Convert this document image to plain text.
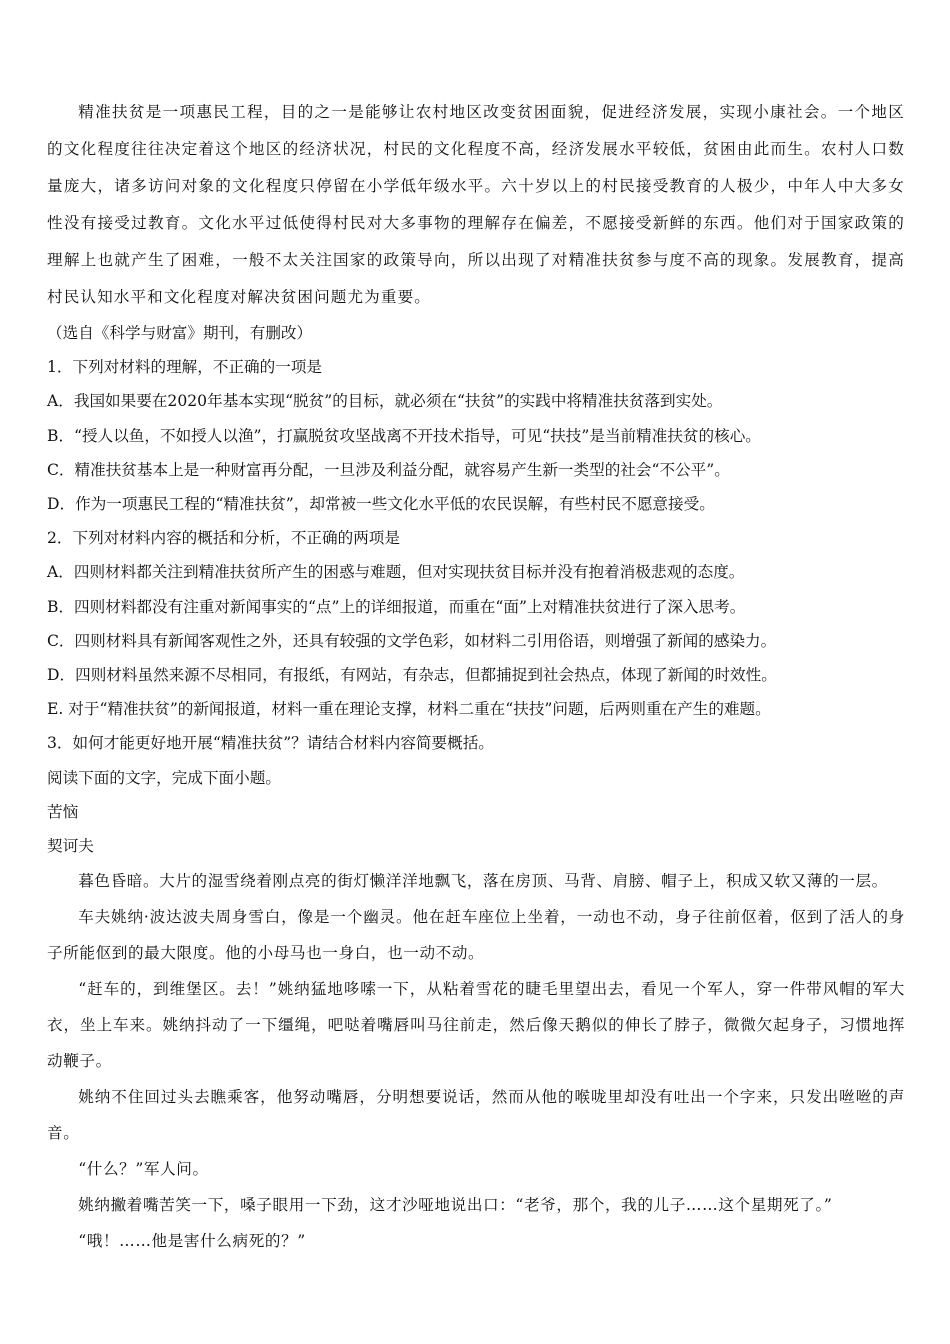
精准扶贫是一项惠民工程，目的之一是能够让农村地区改变贫困面貌，促进经济发展，实现小康社会。一个地区的文化程度往往决定着这个地区的经济状况，村民的文化程度不高，经济发展水平较低，贫困由此而生。农村人口数量庞大，诸多访问对象的文化程度只停留在小学低年级水平。六十岁以上的村民接受教育的人极少，中年人中大多女性没有接受过教育。文化水平过低使得村民对大多事物的理解存在偏差，不愿接受新鲜的东西。他们对于国家政策的理解上也就产生了困难，一般不太关注国家的政策导向，所以出现了对精准扶贫参与度不高的现象。发展教育，提高村民认知水平和文化程度对解决贫困问题尤为重要。

（选自《科学与财富》期刊，有删改）

1．下列对材料的理解，不正确的一项是

A．我国如果要在2020年基本实现“脱贫”的目标，就必须在“扶贫”的实践中将精准扶贫落到实处。

B．“授人以鱼，不如授人以渔”，打赢脱贫攻坚战离不开技术指导，可见“扶技”是当前精准扶贫的核心。

C．精准扶贫基本上是一种财富再分配，一旦涉及利益分配，就容易产生新一类型的社会“不公平”。

D．作为一项惠民工程的“精准扶贫”，却常被一些文化水平低的农民误解，有些村民不愿意接受。

2．下列对材料内容的概括和分析，不正确的两项是

A．四则材料都关注到精准扶贫所产生的困惑与难题，但对实现扶贫目标并没有抱着消极悲观的态度。

B．四则材料都没有注重对新闻事实的“点”上的详细报道，而重在“面”上对精准扶贫进行了深入思考。

C．四则材料具有新闻客观性之外，还具有较强的文学色彩，如材料二引用俗语，则增强了新闻的感染力。

D．四则材料虽然来源不尽相同，有报纸，有网站，有杂志，但都捕捉到社会热点，体现了新闻的时效性。

E. 对于“精准扶贫”的新闻报道，材料一重在理论支撑，材料二重在“扶技”问题，后两则重在产生的难题。

3．如何才能更好地开展“精准扶贫”？请结合材料内容简要概括。

阅读下面的文字，完成下面小题。

苦恼

契诃夫

暮色昏暗。大片的湿雪绕着刚点亮的街灯懒洋洋地飘飞，落在房顶、马背、肩膀、帽子上，积成又软又薄的一层。

车夫姚纳·波达波夫周身雪白，像是一个幽灵。他在赶车座位上坐着，一动也不动，身子往前伛着，伛到了活人的身子所能伛到的最大限度。他的小母马也一身白，也一动不动。

“赶车的，到维堡区。去！”姚纳猛地哆嗦一下，从粘着雪花的睫毛里望出去，看见一个军人，穿一件带风帽的军大衣，坐上车来。姚纳抖动了一下缰绳，吧哒着嘴唇叫马往前走，然后像天鹅似的伸长了脖子，微微欠起身子，习惯地挥动鞭子。

姚纳不住回过头去瞧乘客，他努动嘴唇，分明想要说话，然而从他的喉咙里却没有吐出一个字来，只发出咝咝的声音。

“什么？”军人问。

姚纳撇着嘴苦笑一下，嗓子眼用一下劲，这才沙哑地说出口：“老爷，那个，我的儿子……这个星期死了。”

“哦！……他是害什么病死的？”
